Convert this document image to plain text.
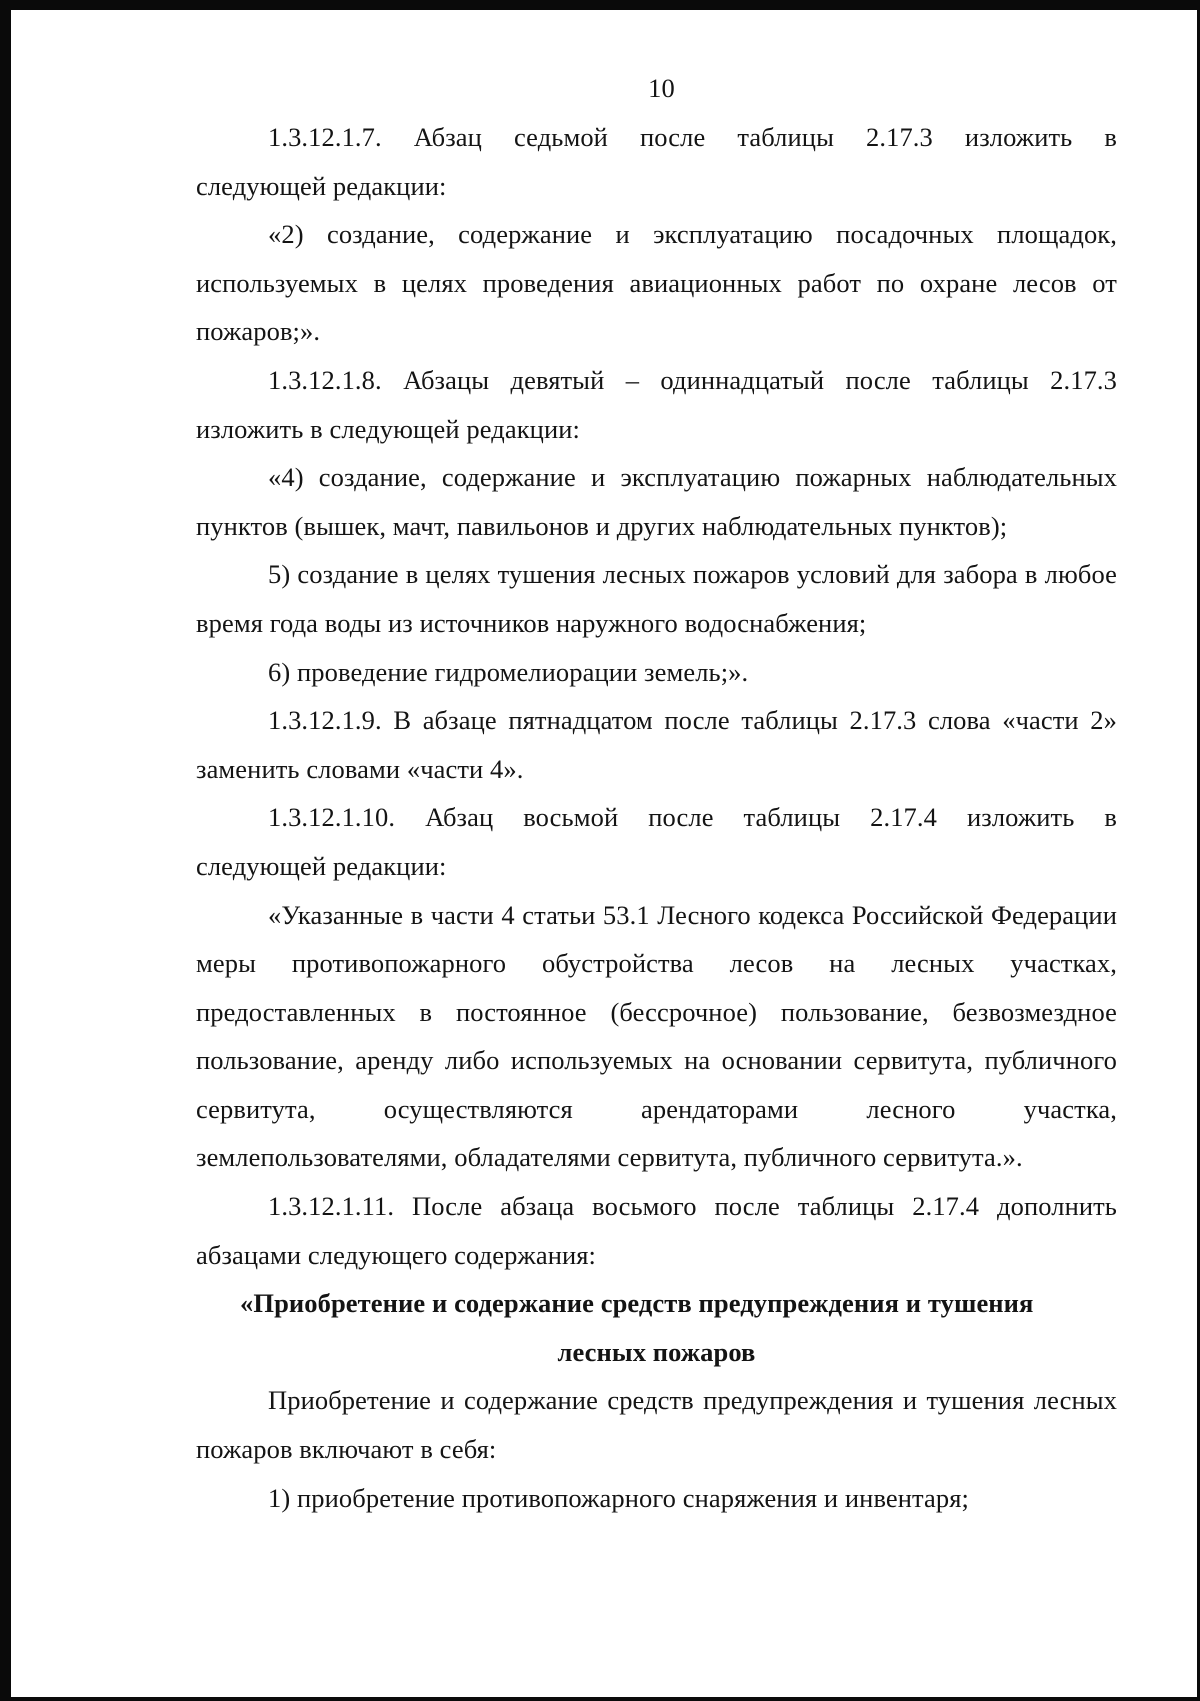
10

1.3.12.1.7. Абзац седьмой после таблицы 2.17.3 изложить в

следующей редакции:

«2) создание, содержание и эксплуатацию посадочных площадок, используемых в целях проведения авиационных работ по охране лесов от пожаров;».

1.3.12.1.8. Абзацы девятый – одиннадцатый после таблицы 2.17.3 изложить в следующей редакции:

«4) создание, содержание и эксплуатацию пожарных наблюдательных пунктов (вышек, мачт, павильонов и других наблюдательных пунктов);

5) создание в целях тушения лесных пожаров условий для забора в любое время года воды из источников наружного водоснабжения;

6) проведение гидромелиорации земель;».

1.3.12.1.9. В абзаце пятнадцатом после таблицы 2.17.3 слова «части 2» заменить словами «части 4».

1.3.12.1.10. Абзац восьмой после таблицы 2.17.4 изложить в

следующей редакции:

«Указанные в части 4 статьи 53.1 Лесного кодекса Российской Федерации меры противопожарного обустройства лесов на лесных участках, предоставленных в постоянное (бессрочное) пользование, безвозмездное пользование, аренду либо используемых на основании сервитута, публичного сервитута, осуществляются арендаторами лесного участка, землепользователями, обладателями сервитута, публичного сервитута.».

1.3.12.1.11. После абзаца восьмого после таблицы 2.17.4 дополнить абзацами следующего содержания:

«Приобретение и содержание средств предупреждения и тушения

лесных пожаров

Приобретение и содержание средств предупреждения и тушения лесных пожаров включают в себя:

1) приобретение противопожарного снаряжения и инвентаря;
